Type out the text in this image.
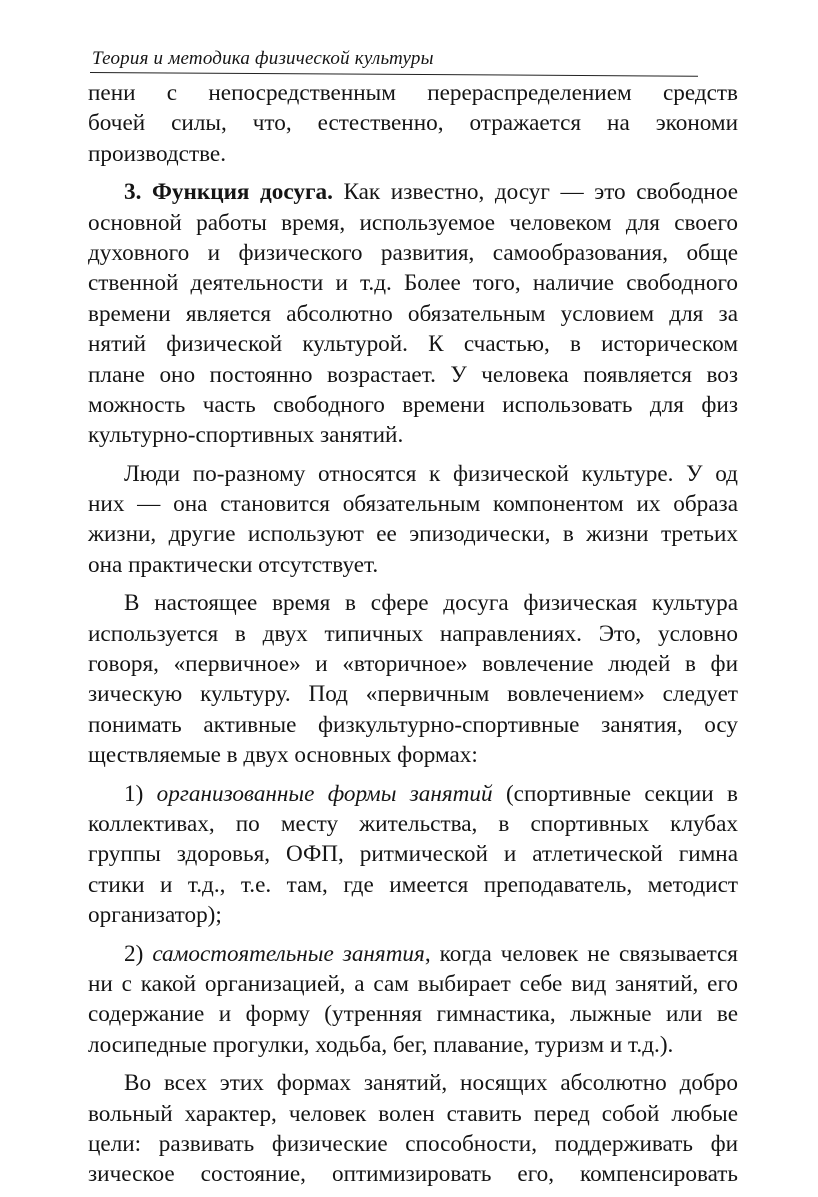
Теория и методика физической культуры
пени с непосредственным перераспределением средств
бочей силы, что, естественно, отражается на экономи
производстве.
3. Функция досуга. Как известно, досуг — это свободное
основной работы время, используемое человеком для своего
духовного и физического развития, самообразования, обще
ственной деятельности и т.д. Более того, наличие свободного
времени является абсолютно обязательным условием для за
нятий физической культурой. К счастью, в историческом
плане оно постоянно возрастает. У человека появляется воз
можность часть свободного времени использовать для физ
культурно-спортивных занятий.
Люди по-разному относятся к физической культуре. У од
них — она становится обязательным компонентом их образа
жизни, другие используют ее эпизодически, в жизни третьих
она практически отсутствует.
В настоящее время в сфере досуга физическая культура
используется в двух типичных направлениях. Это, условно
говоря, «первичное» и «вторичное» вовлечение людей в фи
зическую культуру. Под «первичным вовлечением» следует
понимать активные физкультурно-спортивные занятия, осу
ществляемые в двух основных формах:
1) организованные формы занятий (спортивные секции в
коллективах, по месту жительства, в спортивных клубах
группы здоровья, ОФП, ритмической и атлетической гимна
стики и т.д., т.е. там, где имеется преподаватель, методист
организатор);
2) самостоятельные занятия, когда человек не связывается
ни с какой организацией, а сам выбирает себе вид занятий, его
содержание и форму (утренняя гимнастика, лыжные или ве
лосипедные прогулки, ходьба, бег, плавание, туризм и т.д.).
Во всех этих формах занятий, носящих абсолютно добро
вольный характер, человек волен ставить перед собой любые
цели: развивать физические способности, поддерживать фи
зическое состояние, оптимизировать его, компенсировать
